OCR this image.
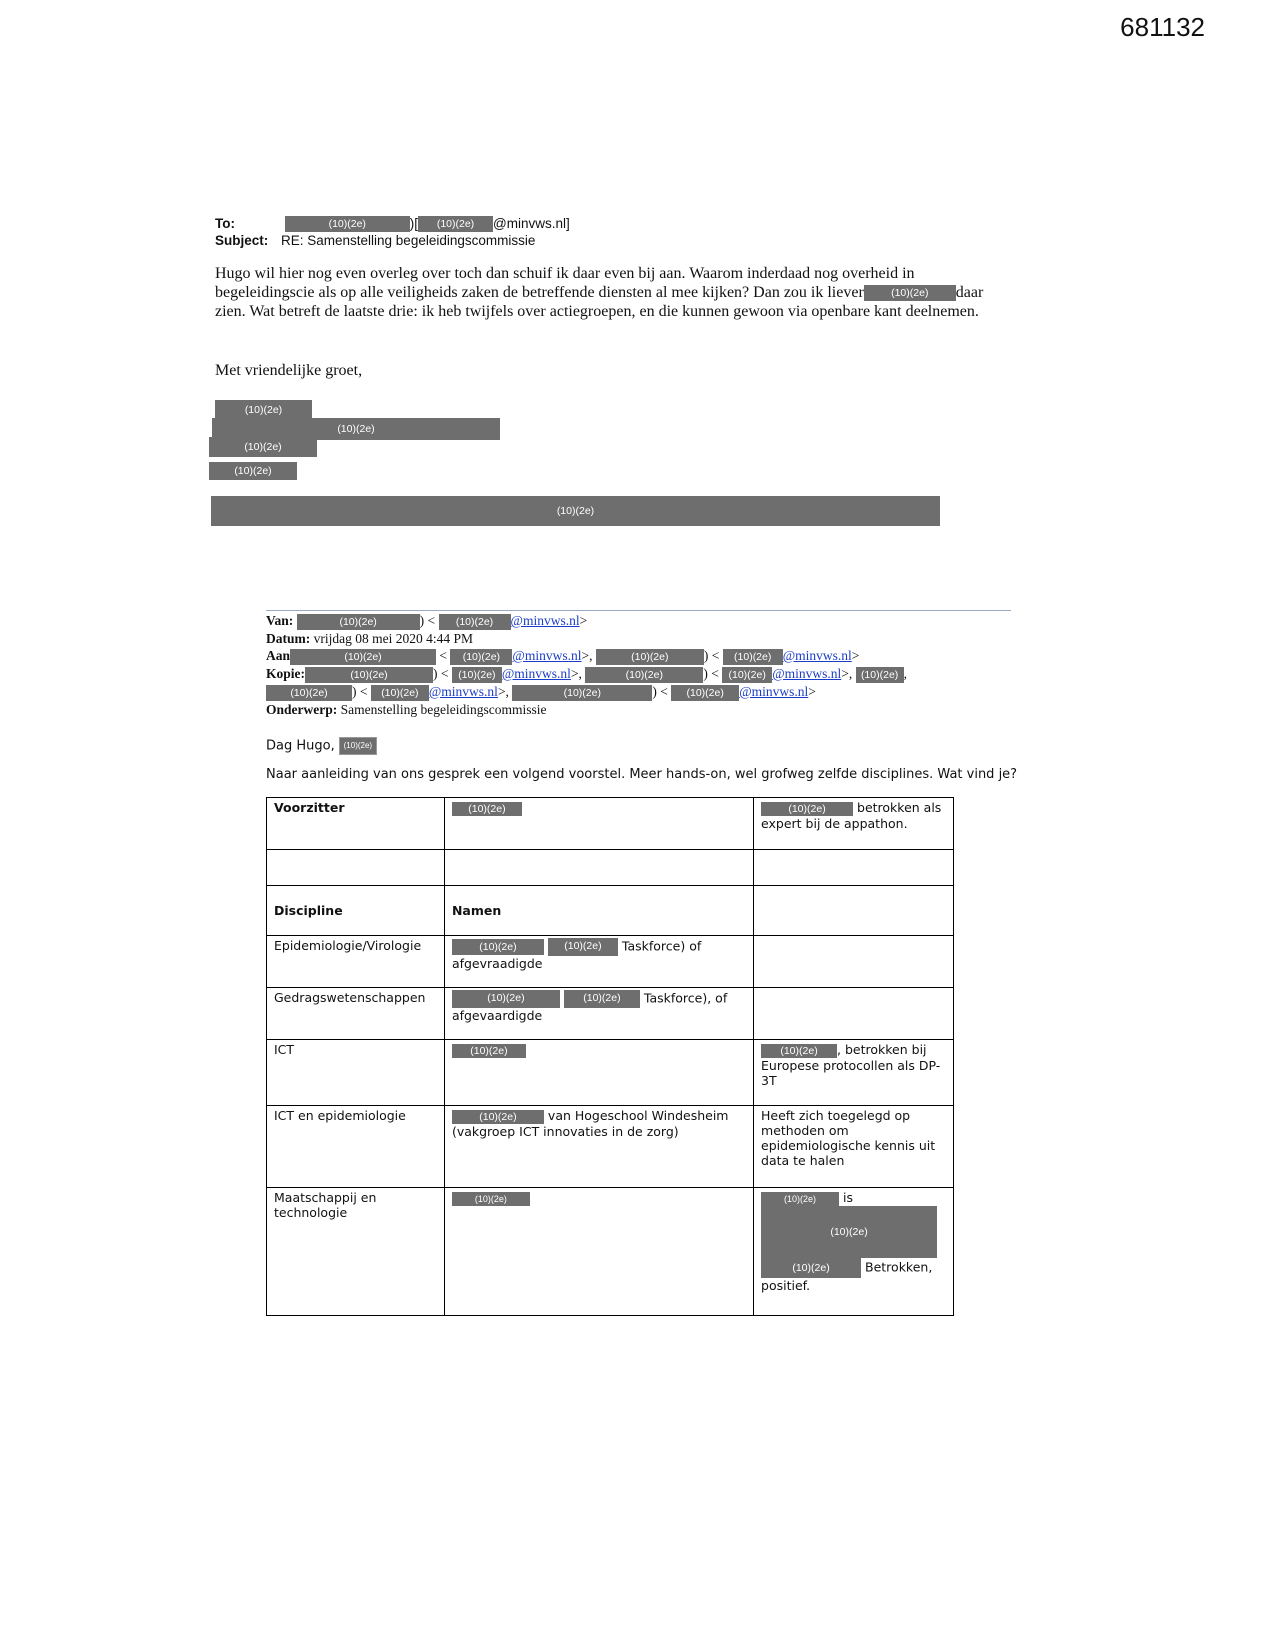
681132
To:	(10)(2e)	)[ (10)(2e) @minvws.nl]
Subject: RE: Samenstelling begeleidingscommissie

Hugo wil hier nog even overleg over toch dan schuif ik daar even bij aan. Waarom inderdaad nog overheid in

begeleidingscie als op alle veiligheids zaken de betreffende diensten al mee kijken? Dan zou ik liever	(10)(2e) daar

zien. Wat betreft de laatste drie: ik heb twijfels over actiegroepen, en die kunnen gewoon via openbare kant deelnemen.

Met vriendelijke groet,
(10)(2e)
(10)(2e)
(10)(2e)
(10)(2e)
(10)(2e)
Van:	(10)(2e)	) < (10)(2e) @minvws.nl>
Datum: vrijdag 08 mei 2020 4:44 PM
Aan	(10)(2e)	< (10)(2e) @minvws.nl>,	(10)(2e)	) < (10)(2e) @minvws.nl>
Kopie:	(10)(2e)	) < (10)(2e) @minvws.nl>,	(10)(2e)	) < (10)(2e) @minvws.nl>, (10)(2e) ,
(10)(2e) ) < (10)(2e) @minvws.nl>,	(10)(2e)	) < (10)(2e) @minvws.nl>
Onderwerp: Samenstelling begeleidingscommissie
Dag Hugo, (10)(2e)
Naar aanleiding van ons gesprek een volgend voorstel. Meer hands-on, wel grofweg zelfde disciplines. Wat vind je?
Voorzitter	(10)(2e)	(10)(2e) betrokken als expert bij de appathon.

Discipline	Namen	
Epidemiologie/Virologie	(10)(2e) (10)(2e) Taskforce) of afgevraadigde	
Gedragswetenschappen	(10)(2e) (10)(2e) Taskforce), of afgevaardigde	
ICT	(10)(2e)	(10)(2e) , betrokken bij Europese protocollen als DP-3T
ICT en epidemiologie	(10)(2e) van Hogeschool Windesheim (vakgroep ICT innovaties in de zorg)	Heeft zich toegelegd op methoden om epidemiologische kennis uit data te halen
Maatschappij en technologie	(10)(2e)	(10)(2e) is
(10)(2e)
(10)(2e) Betrokken, positief.
